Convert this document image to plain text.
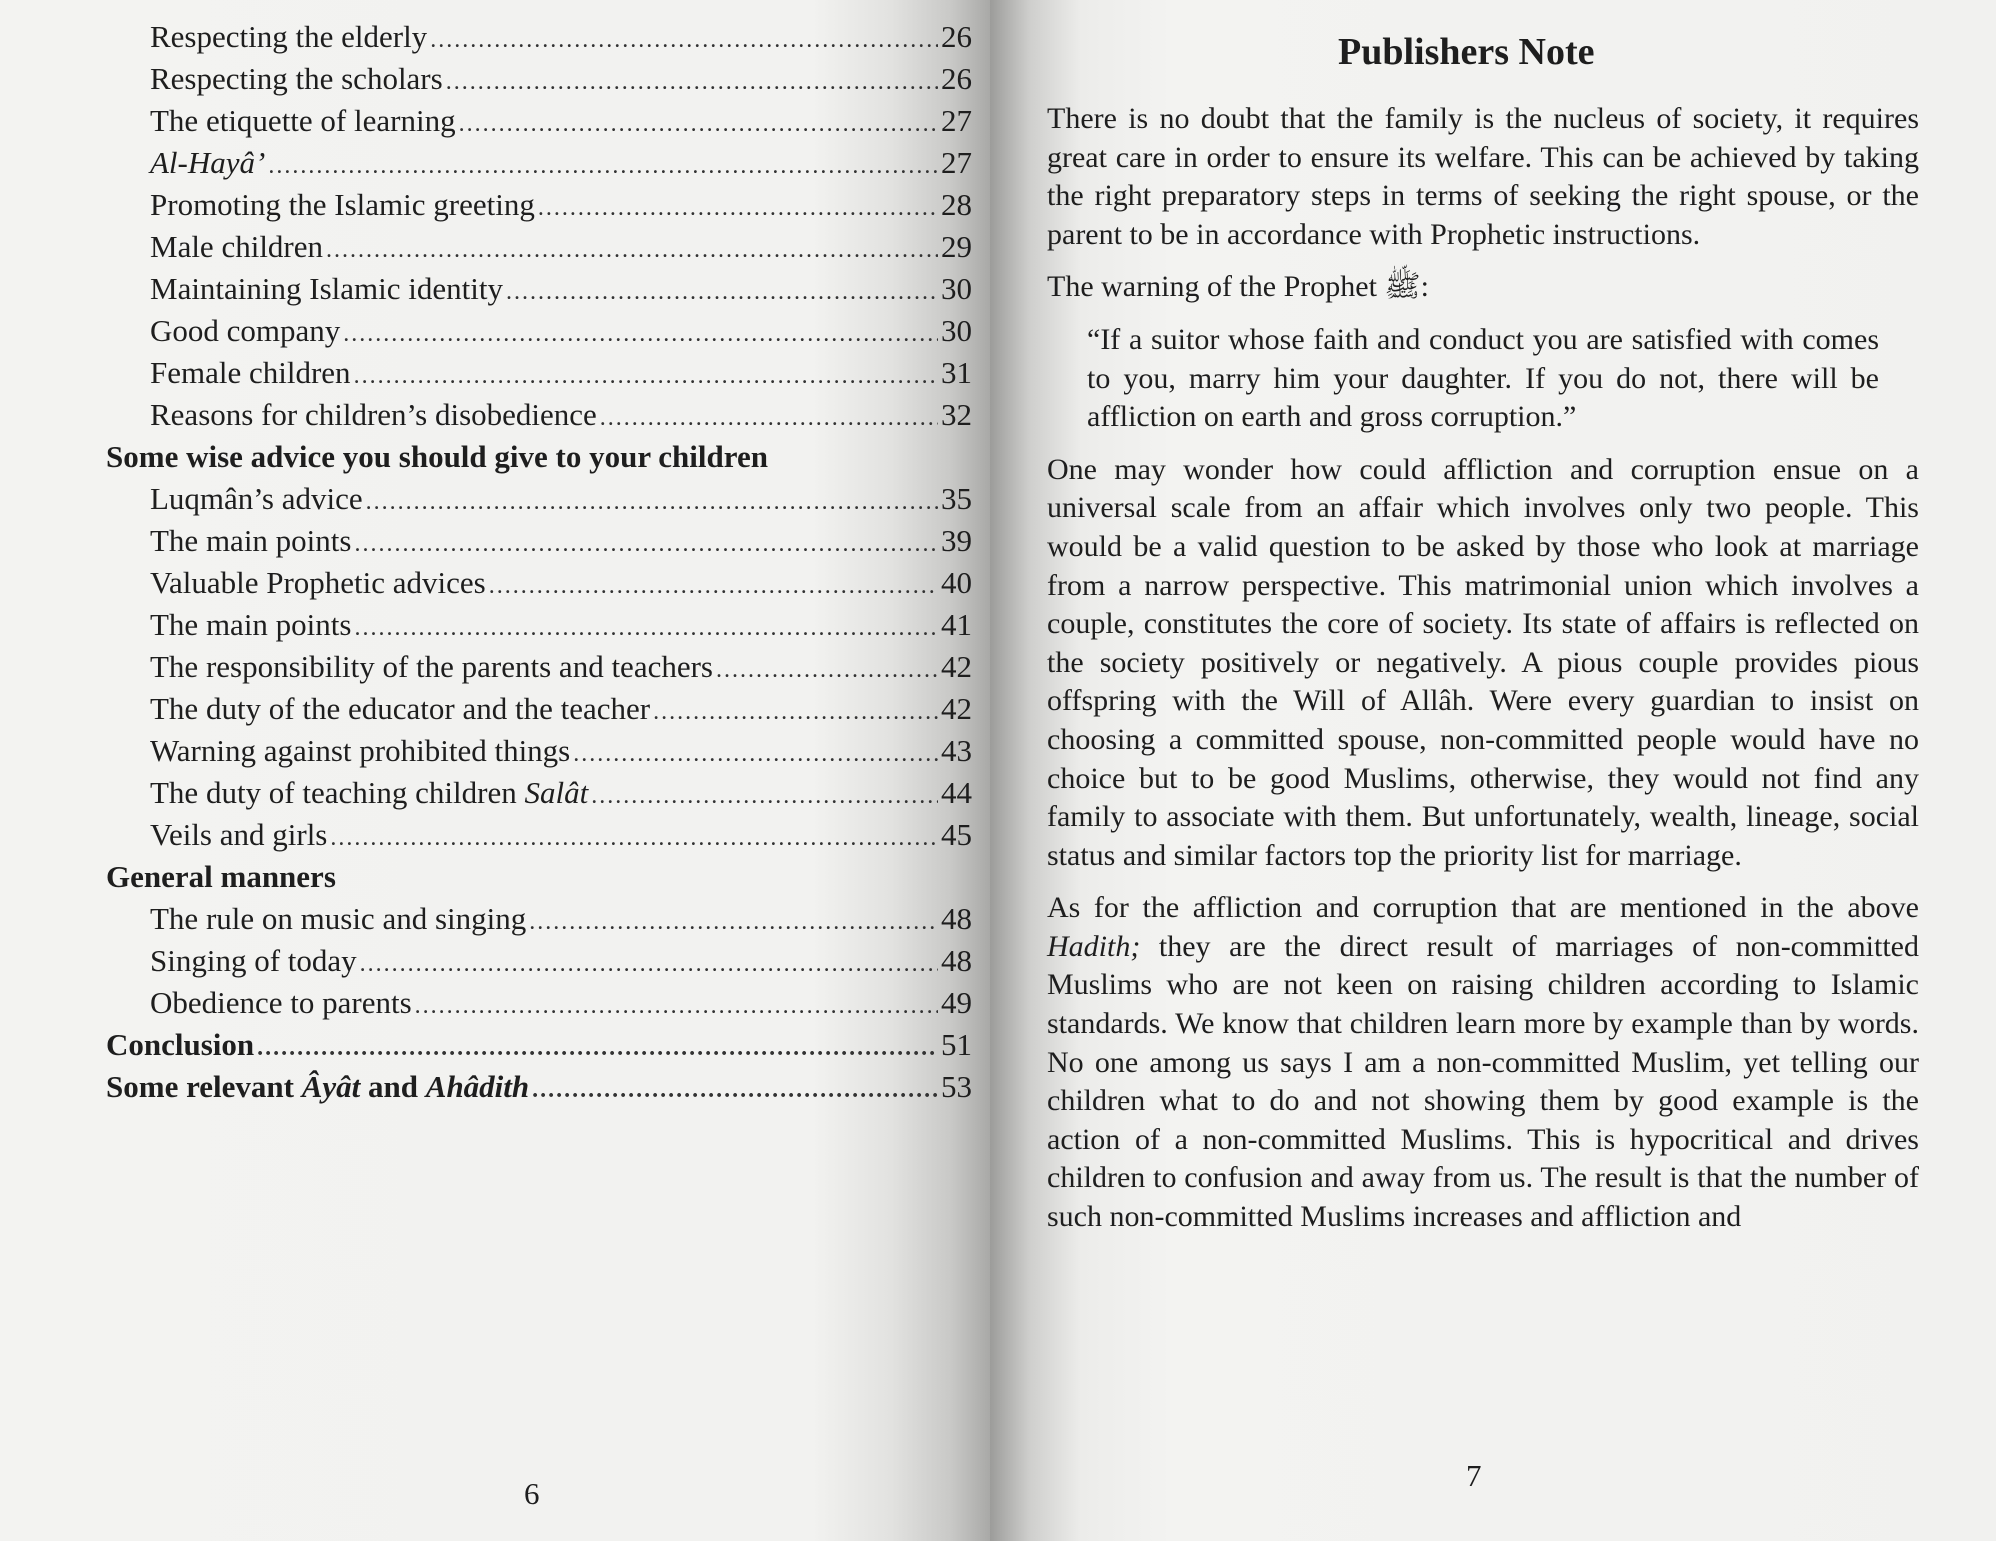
Respecting the elderly .....	26
Respecting the scholars .....	26
The etiquette of learning .....	27
Al-Hayâ’ .....	27
Promoting the Islamic greeting .....	28
Male children .....	29
Maintaining Islamic identity .....	30
Good company .....	30
Female children .....	31
Reasons for children’s disobedience .....	32
Some wise advice you should give to your children
Luqmân’s advice .....	35
The main points .....	39
Valuable Prophetic advices .....	40
The main points .....	41
The responsibility of the parents and teachers .....	42
The duty of the educator and the teacher .....	42
Warning against prohibited things .....	43
The duty of teaching children Salât .....	44
Veils and girls .....	45
General manners
The rule on music and singing .....	48
Singing of today .....	48
Obedience to parents .....	49
Conclusion .....	51
Some relevant Âyât and Ahâdith .....	53
6
Publishers Note

There is no doubt that the family is the nucleus of society, it requires great care in order to ensure its welfare. This can be achieved by taking the right preparatory steps in terms of seeking the right spouse, or the parent to be in accordance with Prophetic instructions.

The warning of the Prophet ﷺ:

“If a suitor whose faith and conduct you are satisfied with comes to you, marry him your daughter. If you do not, there will be affliction on earth and gross corruption.”

One may wonder how could affliction and corruption ensue on a universal scale from an affair which involves only two people. This would be a valid question to be asked by those who look at marriage from a narrow perspective. This matrimonial union which involves a couple, constitutes the core of society. Its state of affairs is reflected on the society positively or negatively. A pious couple provides pious offspring with the Will of Allâh. Were every guardian to insist on choosing a committed spouse, non-committed people would have no choice but to be good Muslims, otherwise, they would not find any family to associate with them. But unfortunately, wealth, lineage, social status and similar factors top the priority list for marriage.

As for the affliction and corruption that are mentioned in the above Hadith; they are the direct result of marriages of non-committed Muslims who are not keen on raising children according to Islamic standards. We know that children learn more by example than by words. No one among us says I am a non-committed Muslim, yet telling our children what to do and not showing them by good example is the action of a non-committed Muslims. This is hypocritical and drives children to confusion and away from us. The result is that the number of such non-committed Muslims increases and affliction and

7
